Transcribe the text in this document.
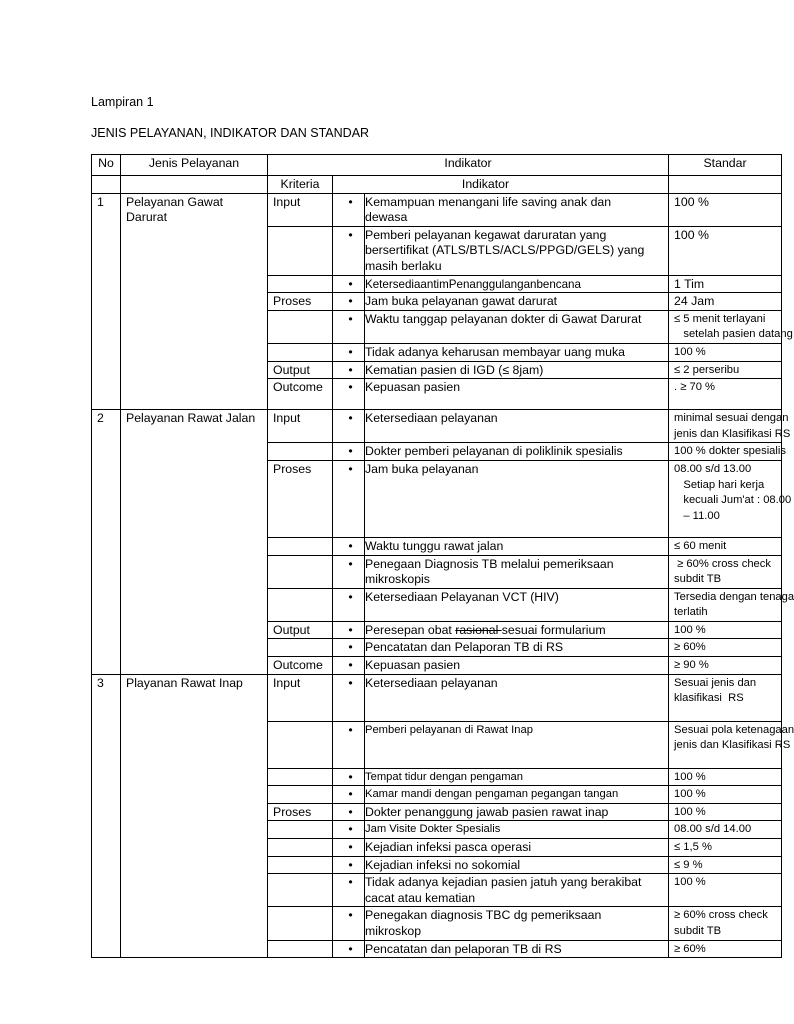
Lampiran 1
JENIS PELAYANAN, INDIKATOR DAN STANDAR
No	Jenis Pelayanan	Indikator			Standar
		Kriteria	Indikator		
1	Pelayanan Gawat Darurat	Input	•	Kemampuan menangani life saving anak dan dewasa	100 %

			•	Pemberi pelayanan kegawat daruratan yang bersertifikat (ATLS/BTLS/ACLS/PPGD/GELS) yang masih berlaku	100 %

			•	KetersediaantimPenanggulanganbencana	1 Tim

		Proses	•	Jam buka pelayanan gawat darurat	24 Jam

			•	Waktu tanggap pelayanan dokter di Gawat Darurat	≤ 5 menit terlayani
setelah pasien datang

			•	Tidak adanya keharusan membayar uang muka	100 %

		Output	•	Kematian pasien di IGD (≤ 8jam)	≤ 2 perseribu

		Outcome	•	Kepuasan pasien	. ≥ 70 %

2	Pelayanan Rawat Jalan	Input	•	Ketersediaan pelayanan	minimal sesuai dengan
jenis dan Klasifikasi RS

			•	Dokter pemberi pelayanan di poliklinik spesialis	100 % dokter spesialis

		Proses	•	Jam buka pelayanan	08.00 s/d 13.00
Setiap hari kerja
kecuali Jum'at : 08.00
– 11.00

			•	Waktu tunggu rawat jalan	≤ 60 menit

			•	Penegaan Diagnosis TB melalui pemeriksaan mikroskopis	≥ 60% cross check
subdit TB

			•	Ketersediaan Pelayanan VCT (HIV)	Tersedia dengan tenaga
terlatih

		Output	•	Peresepan obat rasional sesuai formularium	100 %

			•	Pencatatan dan Pelaporan TB di RS	≥ 60%

		Outcome	•	Kepuasan pasien	≥ 90 %

3	Playanan Rawat Inap	Input	•	Ketersediaan pelayanan	Sesuai jenis dan
klasifikasi  RS

			•	Pemberi pelayanan di Rawat Inap	Sesuai pola ketenagaan
jenis dan Klasifikasi RS

			•	Tempat tidur dengan pengaman	100 %

			•	Kamar mandi dengan pengaman pegangan tangan	100 %

		Proses	•	Dokter penanggung jawab pasien rawat inap	100 %

			•	Jam Visite Dokter Spesialis	08.00 s/d 14.00

			•	Kejadian infeksi pasca operasi	≤ 1,5 %

			•	Kejadian infeksi no sokomial	≤ 9 %

			•	Tidak adanya kejadian pasien jatuh yang berakibat cacat atau kematian	100 %

			•	Penegakan diagnosis TBC dg pemeriksaan mikroskop	≥ 60% cross check
subdit TB

			•	Pencatatan dan pelaporan TB di RS	≥ 60%
